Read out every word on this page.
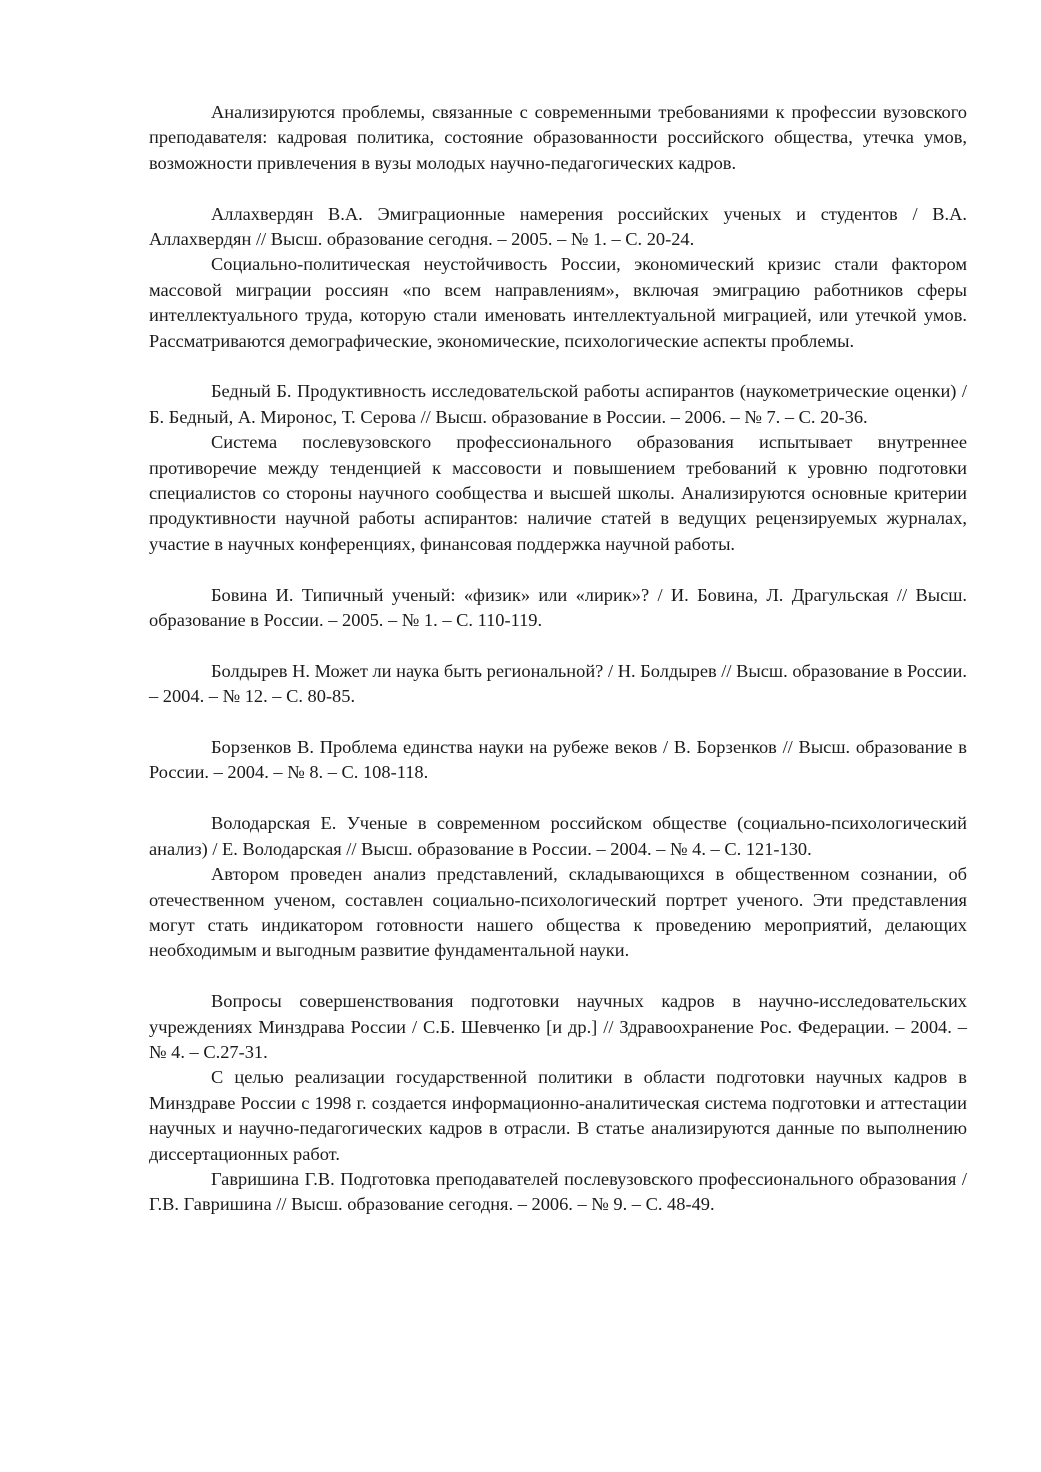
Анализируются проблемы, связанные с современными требованиями к профессии вузовского преподавателя: кадровая политика, состояние образованности российского общества, утечка умов, возможности привлечения в вузы молодых научно-педагогических кадров.

Аллахвердян В.А. Эмиграционные намерения российских ученых и студентов / В.А. Аллахвердян // Высш. образование сегодня. – 2005. – № 1. – С. 20-24.

Социально-политическая неустойчивость России, экономический кризис стали фактором массовой миграции россиян «по всем направлениям», включая эмиграцию работников сферы интеллектуального труда, которую стали именовать интеллектуальной миграцией, или утечкой умов. Рассматриваются демографические, экономические, психологические аспекты проблемы.

Бедный Б. Продуктивность исследовательской работы аспирантов (наукометрические оценки) / Б. Бедный, А. Миронос, Т. Серова // Высш. образование в России. – 2006. – № 7. – С. 20-36.

Система послевузовского профессионального образования испытывает внутреннее противоречие между тенденцией к массовости и повышением требований к уровню подготовки специалистов со стороны научного сообщества и высшей школы. Анализируются основные критерии продуктивности научной работы аспирантов: наличие статей в ведущих рецензируемых журналах, участие в научных конференциях, финансовая поддержка научной работы.

Бовина И. Типичный ученый: «физик» или «лирик»? / И. Бовина, Л. Драгульская // Высш. образование в России. – 2005. – № 1. – С. 110-119.

Болдырев Н. Может ли наука быть региональной? / Н. Болдырев // Высш. образование в России. – 2004. – № 12. – С. 80-85.

Борзенков В. Проблема единства науки на рубеже веков / В. Борзенков // Высш. образование в России. – 2004. – № 8. – С. 108-118.

Володарская Е. Ученые в современном российском обществе (социально-психологический анализ) / Е. Володарская // Высш. образование в России. – 2004. – № 4. – С. 121-130.

Автором проведен анализ представлений, складывающихся в общественном сознании, об отечественном ученом, составлен социально-психологический портрет ученого. Эти представления могут стать индикатором готовности нашего общества к проведению мероприятий, делающих необходимым и выгодным развитие фундаментальной науки.

Вопросы совершенствования подготовки научных кадров в научно-исследовательских учреждениях Минздрава России / С.Б. Шевченко [и др.] // Здравоохранение Рос. Федерации. – 2004. – № 4. – С.27-31.

С целью реализации государственной политики в области подготовки научных кадров в Минздраве России с 1998 г. создается информационно-аналитическая система подготовки и аттестации научных и научно-педагогических кадров в отрасли. В статье анализируются данные по выполнению диссертационных работ.

Гавришина Г.В. Подготовка преподавателей послевузовского профессионального образования / Г.В. Гавришина // Высш. образование сегодня. – 2006. – № 9. – С. 48-49.
